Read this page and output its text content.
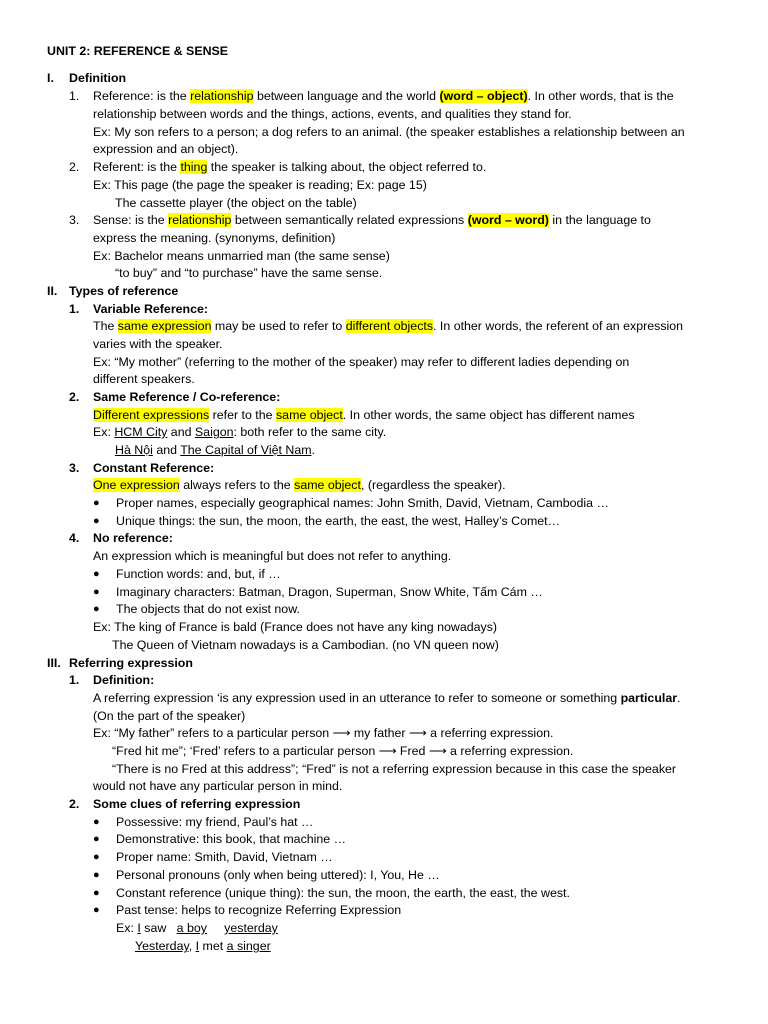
UNIT 2: REFERENCE & SENSE
I. Definition
1. Reference: is the relationship between language and the world (word – object). In other words, that is the
relationship between words and the things, actions, events, and qualities they stand for.
Ex: My son refers to a person; a dog refers to an animal. (the speaker establishes a relationship between an
expression and an object).
2. Referent: is the thing the speaker is talking about, the object referred to.
Ex: This page (the page the speaker is reading; Ex: page 15)
The cassette player (the object on the table)
3. Sense: is the relationship between semantically related expressions (word – word) in the language to
express the meaning. (synonyms, definition)
Ex: Bachelor means unmarried man (the same sense)
“to buy” and “to purchase” have the same sense.
II. Types of reference
1. Variable Reference:
The same expression may be used to refer to different objects. In other words, the referent of an expression
varies with the speaker.
Ex: “My mother” (referring to the mother of the speaker) may refer to different ladies depending on
different speakers.
2. Same Reference / Co-reference:
Different expressions refer to the same object. In other words, the same object has different names
Ex: HCM City and Saigon: both refer to the same city.
Hà Nội and The Capital of Việt Nam.
3. Constant Reference:
One expression always refers to the same object, (regardless the speaker).
● Proper names, especially geographical names: John Smith, David, Vietnam, Cambodia …
● Unique things: the sun, the moon, the earth, the east, the west, Halley’s Comet…
4. No reference:
An expression which is meaningful but does not refer to anything.
● Function words: and, but, if …
● Imaginary characters: Batman, Dragon, Superman, Snow White, Tấm Cám …
● The objects that do not exist now.
Ex: The king of France is bald (France does not have any king nowadays)
The Queen of Vietnam nowadays is a Cambodian. (no VN queen now)
III. Referring expression
1. Definition:
A referring expression ‘is any expression used in an utterance to refer to someone or something particular.
(On the part of the speaker)
Ex: “My father” refers to a particular person ⟶ my father ⟶ a referring expression.
“Fred hit me”; ‘Fred’ refers to a particular person ⟶ Fred ⟶ a referring expression.
“There is no Fred at this address”; “Fred” is not a referring expression because in this case the speaker
would not have any particular person in mind.
2. Some clues of referring expression
● Possessive: my friend, Paul’s hat …
● Demonstrative: this book, that machine …
● Proper name: Smith, David, Vietnam …
● Personal pronouns (only when being uttered): I, You, He …
● Constant reference (unique thing): the sun, the moon, the earth, the east, the west.
● Past tense: helps to recognize Referring Expression
Ex: I saw   a boy yesterday
Yesterday, I met a singer
